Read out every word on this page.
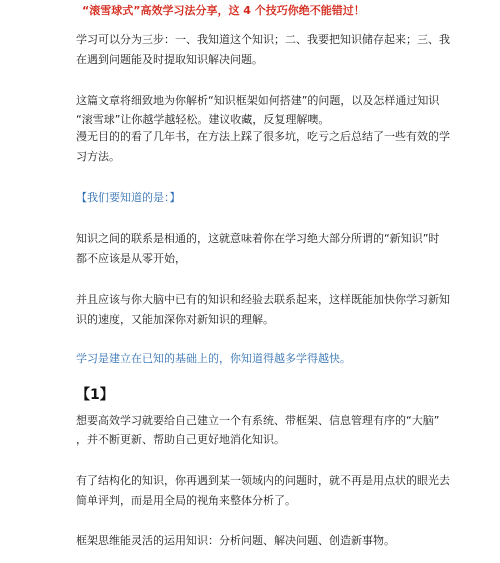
“滚雪球式”高效学习法分享，这 4 个技巧你绝不能错过！
学习可以分为三步：一、我知道这个知识；二、我要把知识储存起来；三、我
在遇到问题能及时提取知识解决问题。
这篇文章将细致地为你解析“知识框架如何搭建”的问题，以及怎样通过知识
“滚雪球”让你越学越轻松。建议收藏，反复理解噢。
漫无目的的看了几年书，在方法上踩了很多坑，吃亏之后总结了一些有效的学
习方法。
【我们要知道的是：】
知识之间的联系是相通的，这就意味着你在学习绝大部分所谓的“新知识”时
都不应该是从零开始，
并且应该与你大脑中已有的知识和经验去联系起来，这样既能加快你学习新知
识的速度，又能加深你对新知识的理解。
学习是建立在已知的基础上的，你知道得越多学得越快。
【1】
想要高效学习就要给自己建立一个有系统、带框架、信息管理有序的“大脑”
，并不断更新、帮助自己更好地消化知识。
有了结构化的知识，你再遇到某一领域内的问题时，就不再是用点状的眼光去
简单评判，而是用全局的视角来整体分析了。
框架思维能灵活的运用知识：分析问题、解决问题、创造新事物。
